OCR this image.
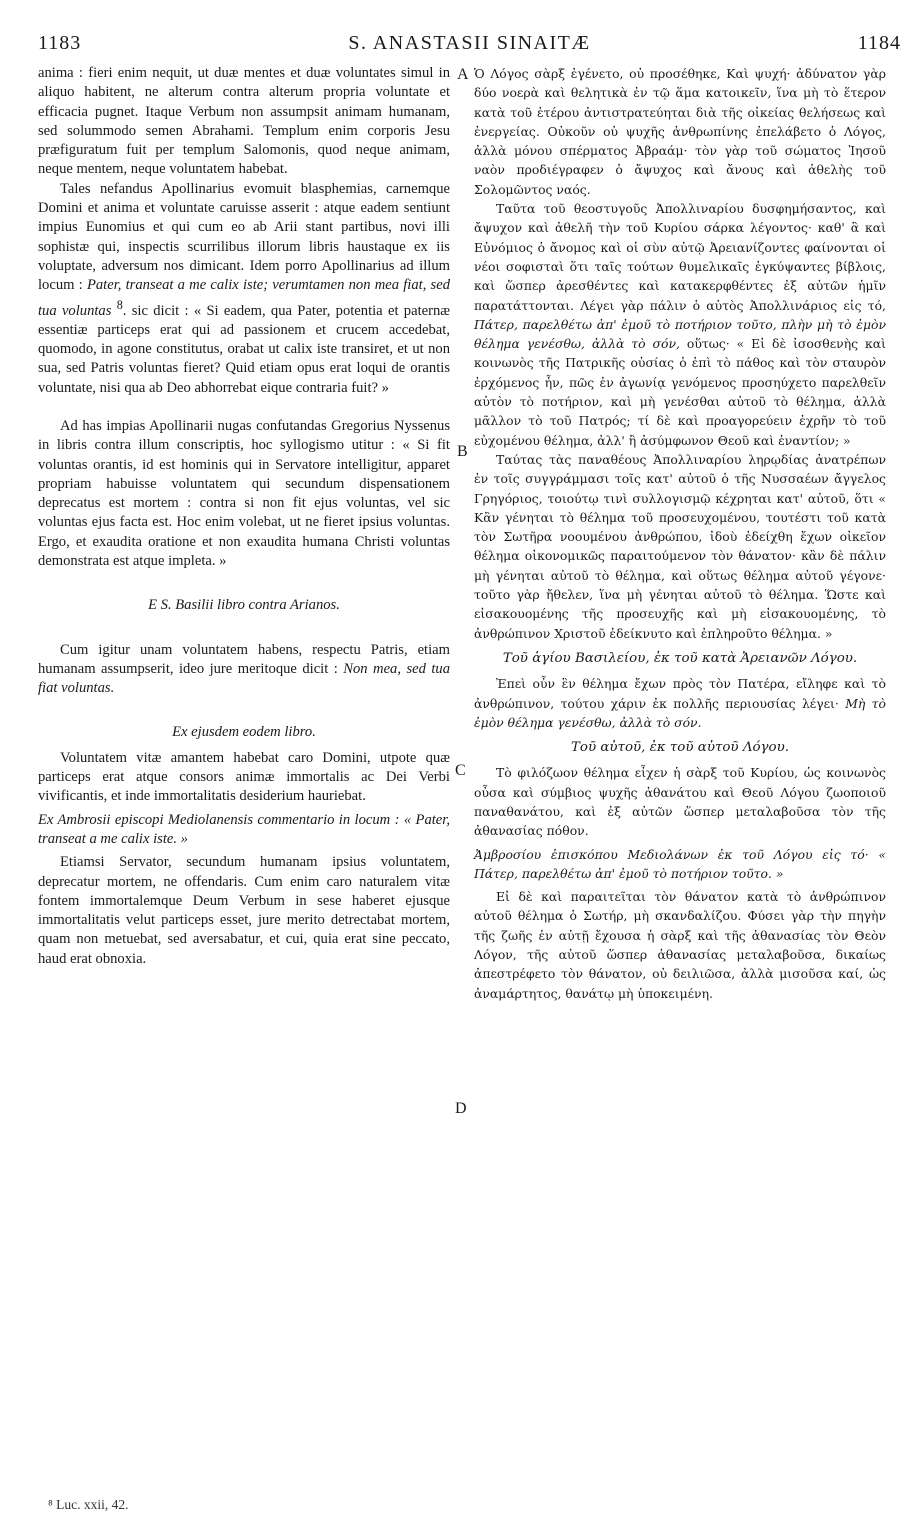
1183	S. ANASTASII SINAITÆ	1184
A
B
C
D

anima : fieri enim nequit, ut duæ mentes et duæ voluntates simul in aliquo habitent, ne alterum contra alterum propria voluntate et efficacia pugnet. Itaque Verbum non assumpsit animam humanam, sed solummodo semen Abrahami. Templum enim corporis Jesu præfiguratum fuit per templum Salomonis, quod neque animam, neque mentem, neque voluntatem habebat.

Tales nefandus Apollinarius evomuit blasphemias, carnemque Domini et anima et voluntate caruisse asserit : atque eadem sentiunt impius Eunomius et qui cum eo ab Arii stant partibus, novi illi sophistæ qui, inspectis scurrilibus illorum libris haustaque ex iis voluptate, adversum nos dimicant. Idem porro Apollinarius ad illum locum : Pater, transeat a me calix iste; verumtamen non mea fiat, sed tua voluntas $^8$. sic dicit : « Si eadem, qua Pater, potentia et paternæ essentiæ particeps erat qui ad passionem et crucem accedebat, quomodo, in agone constitutus, orabat ut calix iste transiret, et ut non sua, sed Patris voluntas fieret? Quid etiam opus erat loqui de orantis voluntate, nisi qua ab Deo abhorrebat eique contraria fuit? »

Ad has impias Apollinarii nugas confutandas Gregorius Nyssenus in libris contra illum conscriptis, hoc syllogismo utitur : « Si fit voluntas orantis, id est hominis qui in Servatore intelligitur, apparet propriam habuisse voluntatem qui secundum dispensationem deprecatus est mortem : contra si non fit ejus voluntas, vel sic voluntas ejus facta est. Hoc enim volebat, ut ne fieret ipsius voluntas. Ergo, et exaudita oratione et non exaudita humana Christi voluntas demonstrata est atque impleta. »

E S. Basilii libro contra Arianos.

Cum igitur unam voluntatem habens, respectu Patris, etiam humanam assumpserit, ideo jure meritoque dicit : Non mea, sed tua fiat voluntas.

Ex ejusdem eodem libro.

Voluntatem vitæ amantem habebat caro Domini, utpote quæ particeps erat atque consors animæ immortalis ac Dei Verbi vivificantis, et inde immortalitatis desiderium hauriebat.

Ex Ambrosii episcopi Mediolanensis commentario in locum : « Pater, transeat a me calix iste. »

Etiamsi Servator, secundum humanam ipsius voluntatem, deprecatur mortem, ne offendaris. Cum enim caro naturalem vitæ fontem immortalemque Deum Verbum in sese haberet ejusque immortalitatis velut particeps esset, jure merito detrectabat mortem, quam non metuebat, sed aversabatur, et cui, quia erat sine peccato, haud erat obnoxia.

Ὁ Λόγος σὰρξ ἐγένετο, οὐ προσέθηκε, Καὶ ψυχή· ἀδύνατον γὰρ δύο νοερὰ καὶ θελητικὰ ἐν τῷ ἅμα κατοικεῖν, ἵνα μὴ τὸ ἕτερον κατὰ τοῦ ἑτέρου ἀντιστρατεύηται διὰ τῆς οἰκείας θελήσεως καὶ ἐνεργείας. Οὐκοῦν οὐ ψυχῆς ἀνθρωπίνης ἐπελάβετο ὁ Λόγος, ἀλλὰ μόνου σπέρματος Ἀβραάμ· τὸν γὰρ τοῦ σώματος Ἰησοῦ ναὸν προδιέγραφεν ὁ ἄψυχος καὶ ἄνους καὶ ἀθελὴς τοῦ Σολομῶντος ναός.

Ταῦτα τοῦ θεοστυγοῦς Ἀπολλιναρίου δυσφημήσαντος, καὶ ἄψυχον καὶ ἀθελῆ τὴν τοῦ Κυρίου σάρκα λέγοντος· καθ' ἃ καὶ Εὐνόμιος ὁ ἄνομος καὶ οἱ σὺν αὐτῷ Ἀρειανίζοντες φαίνονται οἱ νέοι σοφισταὶ ὅτι ταῖς τούτων θυμελικαῖς ἐγκύψαντες βίβλοις, καὶ ὥσπερ ἀρεσθέντες καὶ κατακερφθέντες ἐξ αὐτῶν ἡμῖν παρατάττονται. Λέγει γὰρ πάλιν ὁ αὐτὸς Ἀπολλινάριος εἰς τό, Πάτερ, παρελθέτω ἀπ' ἐμοῦ τὸ ποτήριον τοῦτο, πλὴν μὴ τὸ ἐμὸν θέλημα γενέσθω, ἀλλὰ τὸ σόν, οὕτως· « Εἰ δὲ ἰσοσθενὴς καὶ κοινωνὸς τῆς Πατρικῆς οὐσίας ὁ ἐπὶ τὸ πάθος καὶ τὸν σταυρὸν ἐρχόμενος ἦν, πῶς ἐν ἀγωνίᾳ γενόμενος προσηύχετο παρελθεῖν αὐτὸν τὸ ποτήριον, καὶ μὴ γενέσθαι αὐτοῦ τὸ θέλημα, ἀλλὰ μᾶλλον τὸ τοῦ Πατρός; τί δὲ καὶ προαγορεύειν ἐχρῆν τὸ τοῦ εὐχομένου θέλημα, ἀλλ' ἢ ἀσύμφωνον Θεοῦ καὶ ἐναντίον; »

Ταύτας τὰς παναθέους Ἀπολλιναρίου ληρῳδίας ἀνατρέπων ἐν τοῖς συγγράμμασι τοῖς κατ' αὐτοῦ ὁ τῆς Νυσσαέων ἄγγελος Γρηγόριος, τοιούτῳ τινὶ συλλογισμῷ κέχρηται κατ' αὐτοῦ, ὅτι « Κἂν γένηται τὸ θέλημα τοῦ προσευχομένου, τουτέστι τοῦ κατὰ τὸν Σωτῆρα νοουμένου ἀνθρώπου, ἰδοὺ ἐδείχθη ἔχων οἰκεῖον θέλημα οἰκονομικῶς παραιτούμενον τὸν θάνατον· κἂν δὲ πάλιν μὴ γένηται αὐτοῦ τὸ θέλημα, καὶ οὕτως θέλημα αὐτοῦ γέγονε· τοῦτο γὰρ ἤθελεν, ἵνα μὴ γένηται αὐτοῦ τὸ θέλημα. Ὥστε καὶ εἰσακουομένης τῆς προσευχῆς καὶ μὴ εἰσακουομένης, τὸ ἀνθρώπινον Χριστοῦ ἐδείκνυτο καὶ ἐπληροῦτο θέλημα. »

Τοῦ ἁγίου Βασιλείου, ἐκ τοῦ κατὰ Ἀρειανῶν Λόγου.

Ἐπεὶ οὖν ἓν θέλημα ἔχων πρὸς τὸν Πατέρα, εἴληφε καὶ τὸ ἀνθρώπινον, τούτου χάριν ἐκ πολλῆς περιουσίας λέγει· Μὴ τὸ ἐμὸν θέλημα γενέσθω, ἀλλὰ τὸ σόν.

Τοῦ αὐτοῦ, ἐκ τοῦ αὐτοῦ Λόγου.

Τὸ φιλόζωον θέλημα εἶχεν ἡ σὰρξ τοῦ Κυρίου, ὡς κοινωνὸς οὖσα καὶ σύμβιος ψυχῆς ἀθανάτου καὶ Θεοῦ Λόγου ζωοποιοῦ παναθανάτου, καὶ ἐξ αὐτῶν ὥσπερ μεταλαβοῦσα τὸν τῆς ἀθανασίας πόθον.

Ἀμβροσίου ἐπισκόπου Μεδιολάνων ἐκ τοῦ Λόγου εἰς τό· « Πάτερ, παρελθέτω ἀπ' ἐμοῦ τὸ ποτήριον τοῦτο. »

Εἰ δὲ καὶ παραιτεῖται τὸν θάνατον κατὰ τὸ ἀνθρώπινον αὐτοῦ θέλημα ὁ Σωτήρ, μὴ σκανδαλίζου. Φύσει γὰρ τὴν πηγὴν τῆς ζωῆς ἐν αὐτῇ ἔχουσα ἡ σὰρξ καὶ τῆς ἀθανασίας τὸν Θεὸν Λόγον, τῆς αὐτοῦ ὥσπερ ἀθανασίας μεταλαβοῦσα, δικαίως ἀπεστρέφετο τὸν θάνατον, οὐ δειλιῶσα, ἀλλὰ μισοῦσα καί, ὡς ἀναμάρτητος, θανάτῳ μὴ ὑποκειμένη.

⁸ Luc. xxii, 42.
